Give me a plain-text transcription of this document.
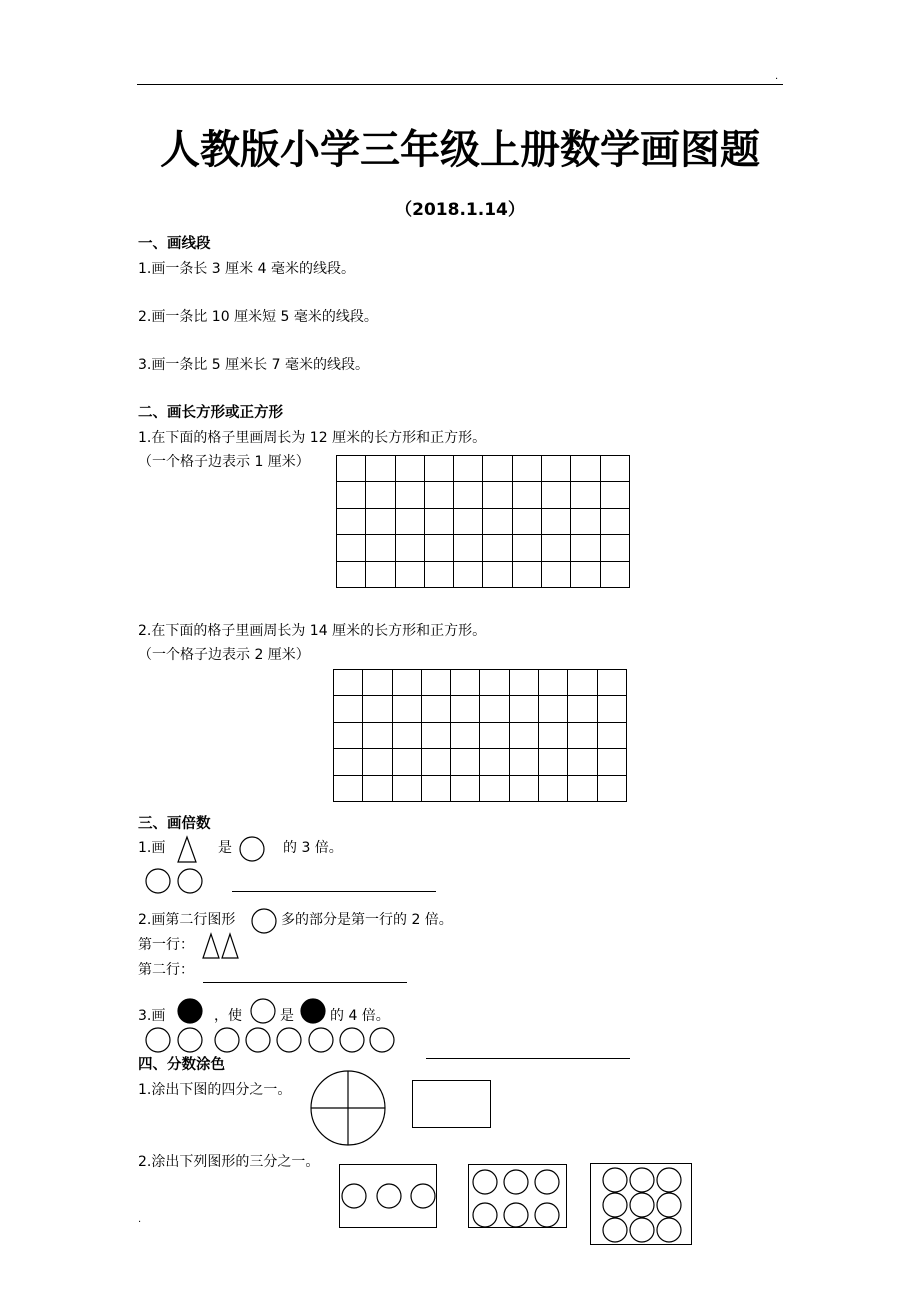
.
人教版小学三年级上册数学画图题
（2018.1.14）
一、画线段
1.画一条长 3 厘米 4 毫米的线段。
2.画一条比 10 厘米短 5 毫米的线段。
3.画一条比 5 厘米长 7 毫米的线段。
二、画长方形或正方形
1.在下面的格子里画周长为 12 厘米的长方形和正方形。
（一个格子边表示 1 厘米）

2.在下面的格子里画周长为 14 厘米的长方形和正方形。
（一个格子边表示 2 厘米）

三、画倍数
1.画	是	的 3 倍。
2.画第二行图形	多的部分是第一行的 2 倍。
第一行：
第二行：
3.画	，使	是	的 4 倍。
四、分数涂色
1.涂出下图的四分之一。
2.涂出下列图形的三分之一。
.
